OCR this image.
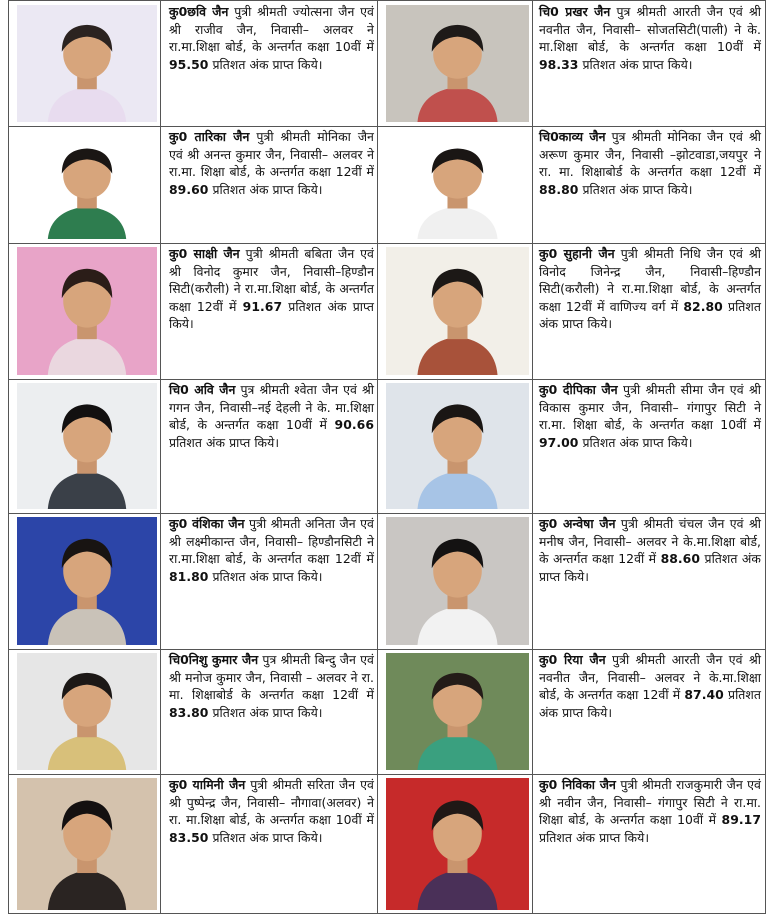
कु0छवि जैन पुत्री श्रीमती ज्योत्सना जैन एवं श्री राजीव जैन, निवासी– अलवर ने रा.मा.शिक्षा बोर्ड, के अन्तर्गत कक्षा 10वीं में 95.50 प्रतिशत अंक प्राप्त किये।
चि0 प्रखर जैन पुत्र श्रीमती आरती जैन एवं श्री नवनीत जैन, निवासी– सोजतसिटी(पाली) ने के. मा.शिक्षा बोर्ड, के अन्तर्गत कक्षा 10वीं में 98.33 प्रतिशत अंक प्राप्त किये।
कु0 तारिका जैन पुत्री श्रीमती मोनिका जैन एवं श्री अनन्त कुमार जैन, निवासी– अलवर ने रा.मा. शिक्षा बोर्ड, के अन्तर्गत कक्षा 12वीं में 89.60 प्रतिशत अंक प्राप्त किये।
चि0काव्य जैन पुत्र श्रीमती मोनिका जैन एवं श्री अरूण कुमार जैन, निवासी –झोटवाडा,जयपुर ने रा. मा. शिक्षाबोर्ड के अन्तर्गत कक्षा 12वीं में 88.80 प्रतिशत अंक प्राप्त किये।
कु0 साक्षी जैन पुत्री श्रीमती बबिता जैन एवं श्री विनोद कुमार जैन, निवासी–हिण्डौन सिटी(करौली) ने रा.मा.शिक्षा बोर्ड, के अन्तर्गत कक्षा 12वीं में 91.67 प्रतिशत अंक प्राप्त किये।
कु0 सुहानी जैन पुत्री श्रीमती निधि जैन एवं श्री विनोद जिनेन्द्र जैन, निवासी–हिण्डौन सिटी(करौली) ने रा.मा.शिक्षा बोर्ड, के अन्तर्गत कक्षा 12वीं में वाणिज्य वर्ग में 82.80 प्रतिशत अंक प्राप्त किये।
चि0 अवि जैन पुत्र श्रीमती श्वेता जैन एवं श्री गगन जैन, निवासी–नई देहली ने के. मा.शिक्षा बोर्ड, के अन्तर्गत कक्षा 10वीं में 90.66 प्रतिशत अंक प्राप्त किये।
कु0 दीपिका जैन पुत्री श्रीमती सीमा जैन एवं श्री विकास कुमार जैन, निवासी– गंगापुर सिटी ने रा.मा. शिक्षा बोर्ड, के अन्तर्गत कक्षा 10वीं में 97.00 प्रतिशत अंक प्राप्त किये।
कु0 वंशिका जैन पुत्री श्रीमती अनिता जैन एवं श्री लक्ष्मीकान्त जैन, निवासी– हिण्डौनसिटी ने रा.मा.शिक्षा बोर्ड, के अन्तर्गत कक्षा 12वीं में 81.80 प्रतिशत अंक प्राप्त किये।
कु0 अन्वेषा जैन पुत्री श्रीमती चंचल जैन एवं श्री मनीष जैन, निवासी– अलवर ने के.मा.शिक्षा बोर्ड, के अन्तर्गत कक्षा 12वीं में 88.60 प्रतिशत अंक प्राप्त किये।
चि0निशु कुमार जैन पुत्र श्रीमती बिन्दु जैन एवं श्री मनोज कुमार जैन, निवासी – अलवर ने रा. मा. शिक्षाबोर्ड के अन्तर्गत कक्षा 12वीं में 83.80 प्रतिशत अंक प्राप्त किये।
कु0 रिया जैन पुत्री श्रीमती आरती जैन एवं श्री नवनीत जैन, निवासी– अलवर ने के.मा.शिक्षा बोर्ड, के अन्तर्गत कक्षा 12वीं में 87.40 प्रतिशत अंक प्राप्त किये।
कु0 यामिनी जैन पुत्री श्रीमती सरिता जैन एवं श्री पुष्पेन्द्र जैन, निवासी– नौगावा(अलवर) ने रा. मा.शिक्षा बोर्ड, के अन्तर्गत कक्षा 10वीं में 83.50 प्रतिशत अंक प्राप्त किये।
कु0 निविका जैन पुत्री श्रीमती राजकुमारी जैन एवं श्री नवीन जैन, निवासी– गंगापुर सिटी ने रा.मा. शिक्षा बोर्ड, के अन्तर्गत कक्षा 10वीं में 89.17 प्रतिशत अंक प्राप्त किये।
